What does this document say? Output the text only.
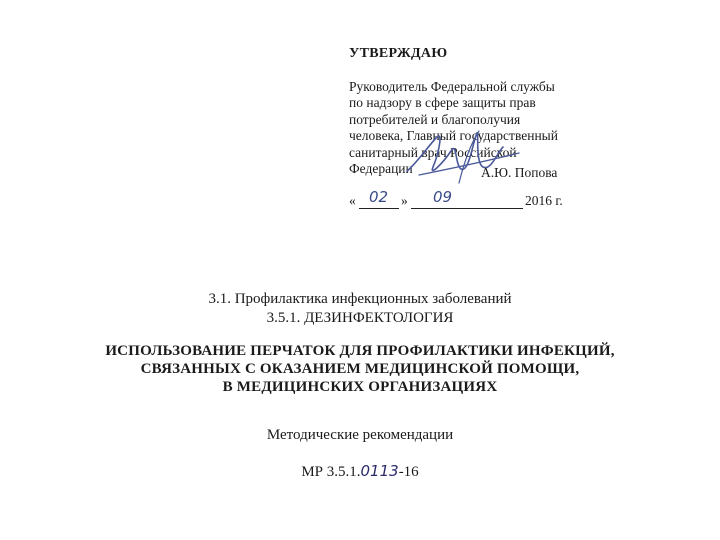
УТВЕРЖДАЮ
Руководитель Федеральной службы
по надзору в сфере защиты прав
потребителей и благополучия
человека, Главный государственный
санитарный врач Российской
Федерации	А.Ю. Попова
« 02 » 09	2016 г.
3.1. Профилактика инфекционных заболеваний
3.5.1. ДЕЗИНФЕКТОЛОГИЯ
ИСПОЛЬЗОВАНИЕ ПЕРЧАТОК ДЛЯ ПРОФИЛАКТИКИ ИНФЕКЦИЙ,
СВЯЗАННЫХ С ОКАЗАНИЕМ МЕДИЦИНСКОЙ ПОМОЩИ,
В МЕДИЦИНСКИХ ОРГАНИЗАЦИЯХ
Методические рекомендации
МР 3.5.1.0113-16
